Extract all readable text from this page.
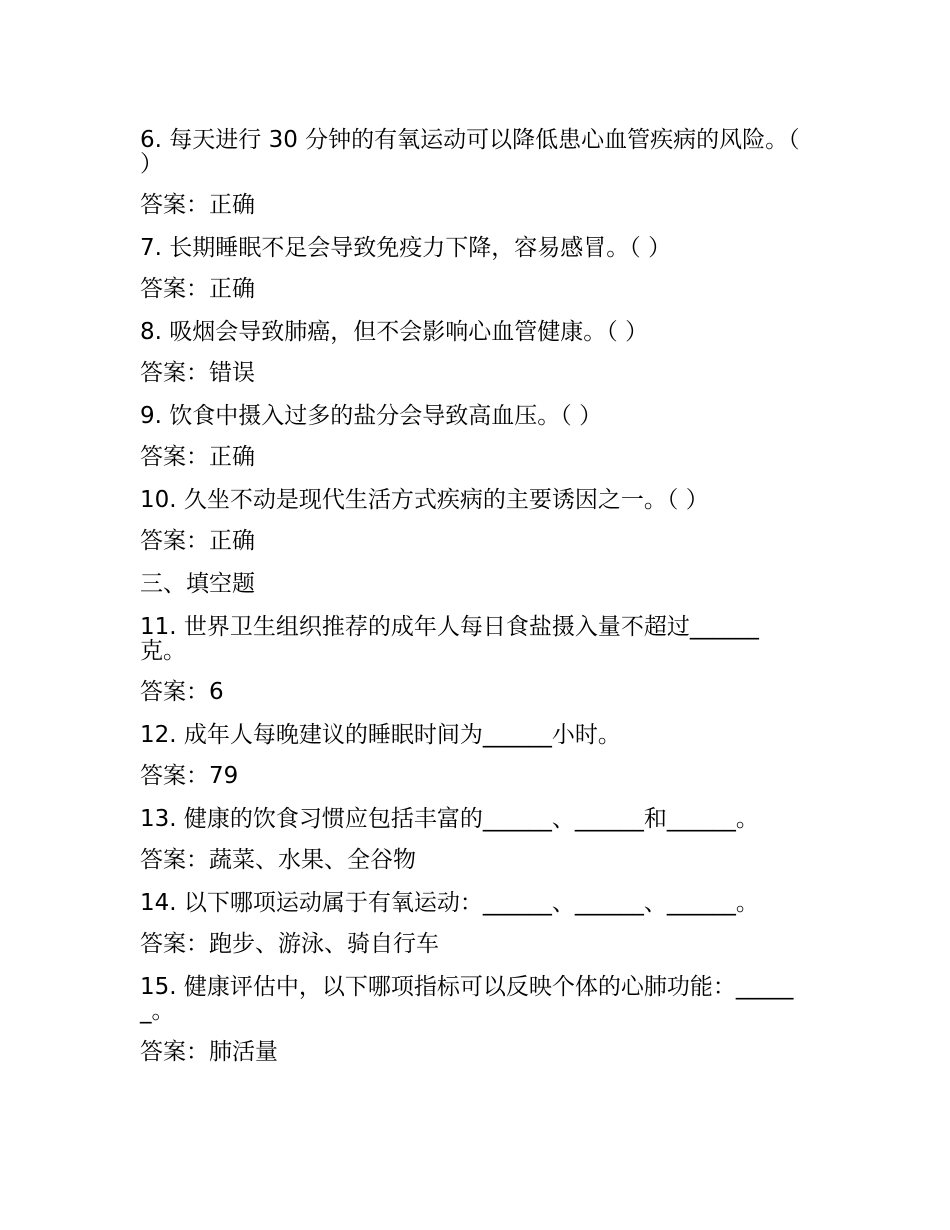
6. 每天进行 30 分钟的有氧运动可以降低患心血管疾病的风险。（ ）

答案：正确

7. 长期睡眠不足会导致免疫力下降，容易感冒。（ ）

答案：正确

8. 吸烟会导致肺癌，但不会影响心血管健康。（ ）

答案：错误

9. 饮食中摄入过多的盐分会导致高血压。（ ）

答案：正确

10. 久坐不动是现代生活方式疾病的主要诱因之一。（ ）

答案：正确

三、填空题

11. 世界卫生组织推荐的成年人每日食盐摄入量不超过______克。

答案：6

12. 成年人每晚建议的睡眠时间为______小时。

答案：79

13. 健康的饮食习惯应包括丰富的______、______和______。

答案：蔬菜、水果、全谷物

14. 以下哪项运动属于有氧运动：______、______、______。

答案：跑步、游泳、骑自行车

15. 健康评估中，以下哪项指标可以反映个体的心肺功能：______。

答案：肺活量
